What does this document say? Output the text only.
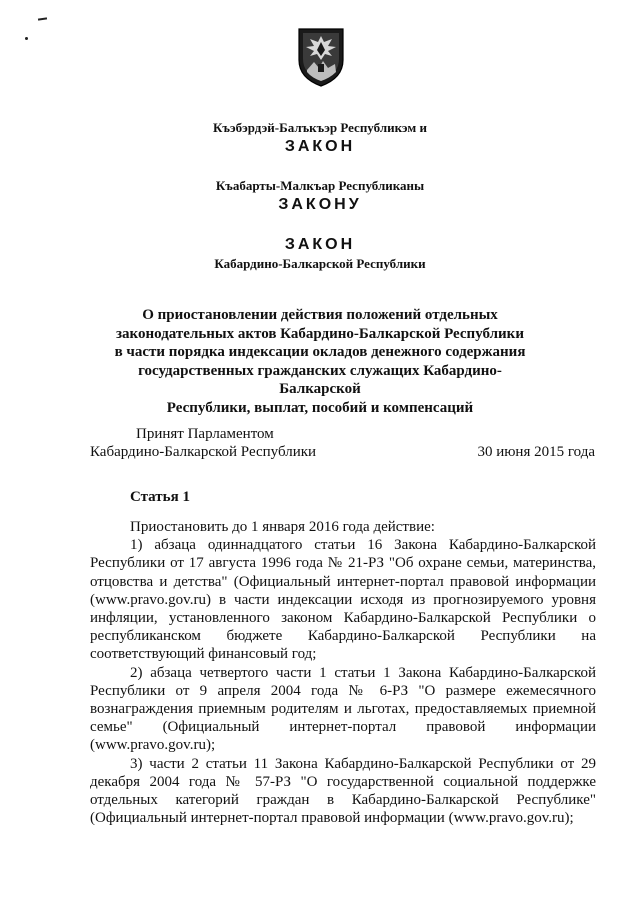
Къэбэрдэй-Балъкъэр Республикэм и
ЗАКОН
Къабарты-Малкъар Республиканы
ЗАКОНУ
ЗАКОН
Кабардино-Балкарской Республики
О приостановлении действия положений отдельных
законодательных актов Кабардино-Балкарской Республики
в части порядка индексации окладов денежного содержания
государственных гражданских служащих Кабардино-Балкарской
Республики, выплат, пособий и компенсаций
Принят Парламентом
Кабардино-Балкарской Республики	30 июня 2015 года
Статья 1

Приостановить до 1 января 2016 года действие:

1) абзаца одиннадцатого статьи 16 Закона Кабардино-Балкарской Республики от 17 августа 1996 года № 21-РЗ "Об охране семьи, материнства, отцовства и детства" (Официальный интернет-портал правовой информации (www.pravo.gov.ru) в части индексации исходя из прогнозируемого уровня инфляции, установленного законом Кабардино-Балкарской Республики о республиканском бюджете Кабардино-Балкарской Республики на соответствующий финансовый год;

2) абзаца четвертого части 1 статьи 1 Закона Кабардино-Балкарской Республики от 9 апреля 2004 года № 6-РЗ "О размере ежемесячного вознаграждения приемным родителям и льготах, предоставляемых приемной семье" (Официальный интернет-портал правовой информации (www.pravo.gov.ru);

3) части 2 статьи 11 Закона Кабардино-Балкарской Республики от 29 декабря 2004 года № 57-РЗ "О государственной социальной поддержке отдельных категорий граждан в Кабардино-Балкарской Республике" (Официальный интернет-портал правовой информации (www.pravo.gov.ru);
